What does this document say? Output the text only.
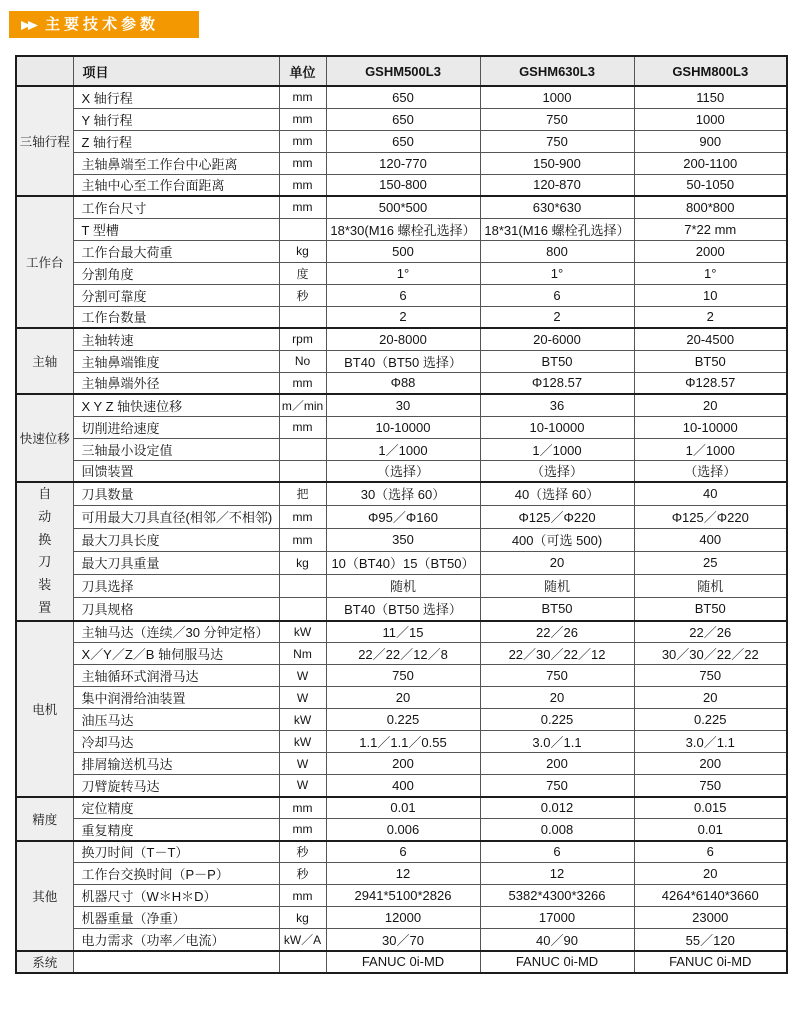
▶▶ 主要技术参数
	项目	单位	GSHM500L3	GSHM630L3	GSHM800L3

三轴行程	X 轴行程	mm	650	1000	1150
	Y 轴行程	mm	650	750	1000
	Z 轴行程	mm	650	750	900
	主轴鼻端至工作台中心距离	mm	120-770	150-900	200-1100
	主轴中心至工作台面距离	mm	150-800	120-870	50-1050

工作台	工作台尺寸	mm	500*500	630*630	800*800
	T 型槽		18*30(M16 螺栓孔选择）	18*31(M16 螺栓孔选择）	7*22 mm
	工作台最大荷重	kg	500	800	2000
	分割角度	度	1°	1°	1°
	分割可靠度	秒	6	6	10
	工作台数量		2	2	2

主轴	主轴转速	rpm	20-8000	20-6000	20-4500
	主轴鼻端锥度	No	BT40（BT50 选择）	BT50	BT50
	主轴鼻端外径	mm	Φ88	Φ128.57	Φ128.57

快速位移	X Y Z 轴快速位移	m／min	30	36	20
	切削进给速度	mm	10-10000	10-10000	10-10000
	三轴最小设定值		1／1000	1／1000	1／1000
	回馈装置		（选择）	（选择）	（选择）

自动换刀装置	刀具数量	把	30（选择 60）	40（选择 60）	40
	可用最大刀具直径(相邻／不相邻)	mm	Φ95／Φ160	Φ125／Φ220	Φ125／Φ220
	最大刀具长度	mm	350	400（可选 500)	400
	最大刀具重量	kg	10（BT40）15（BT50）	20	25
	刀具选择		随机	随机	随机
	刀具规格		BT40（BT50 选择）	BT50	BT50

电机	主轴马达（连续／30 分钟定格）	kW	11／15	22／26	22／26
	X／Y／Z／B 轴伺服马达	Nm	22／22／12／8	22／30／22／12	30／30／22／22
	主轴循环式润滑马达	W	750	750	750
	集中润滑给油装置	W	20	20	20
	油压马达	kW	0.225	0.225	0.225
	冷却马达	kW	1.1／1.1／0.55	3.0／1.1	3.0／1.1
	排屑输送机马达	W	200	200	200
	刀臂旋转马达	W	400	750	750

精度	定位精度	mm	0.01	0.012	0.015
	重复精度	mm	0.006	0.008	0.01

其他	换刀时间（T－T）	秒	6	6	6
	工作台交换时间（P－P）	秒	12	12	20
	机器尺寸（W＊H＊D）	mm	2941*5100*2826	5382*4300*3266	4264*6140*3660
	机器重量（净重）	kg	12000	17000	23000
	电力需求（功率／电流）	kW／A	30／70	40／90	55／120

系统			FANUC 0i-MD	FANUC 0i-MD	FANUC 0i-MD
